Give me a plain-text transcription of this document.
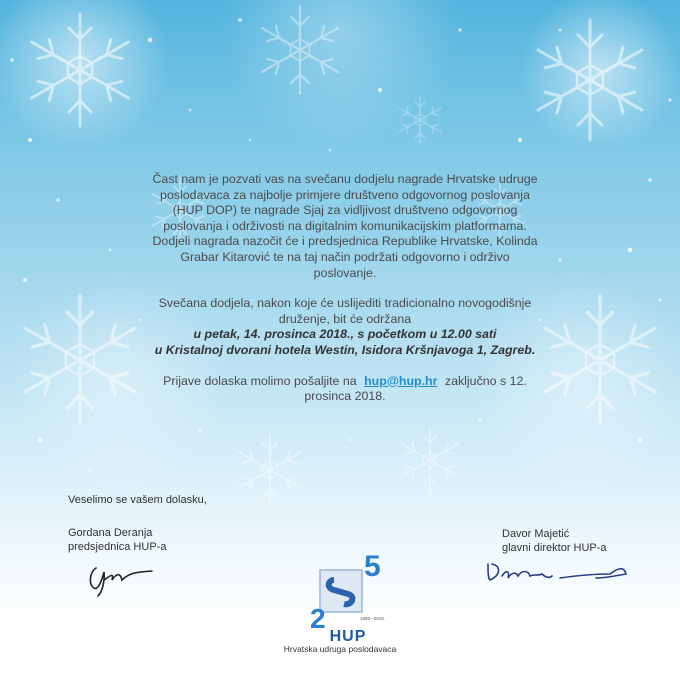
Čast nam je pozvati vas na svečanu dodjelu nagrade Hrvatske udruge poslodavaca za najbolje primjere društveno odgovornog poslovanja (HUP DOP) te nagrade Sjaj za vidljivost društveno odgovornog poslovanja i održivosti na digitalnim komunikacijskim platformama. Dodjeli nagrada nazočit će i predsjednica Republike Hrvatske, Kolinda Grabar Kitarović te na taj način podržati odgovorno i održivo poslovanje.

Svečana dodjela, nakon koje će uslijediti tradicionalno novogodišnje druženje, bit će održana

u petak, 14. prosinca 2018., s početkom u 12.00 sati

u Kristalnoj dvorani hotela Westin, Isidora Kršnjavoga 1, Zagreb.

Prijave dolaska molimo pošaljite na hup@hup.hr zaključno s 12. prosinca 2018.

Veselimo se vašem dolasku,
Gordana Deranja
predsjednica HUP-a
Davor Majetić
glavni direktor HUP-a
5
2	1993.–2018.
HUP
Hrvatska udruga poslodavaca
